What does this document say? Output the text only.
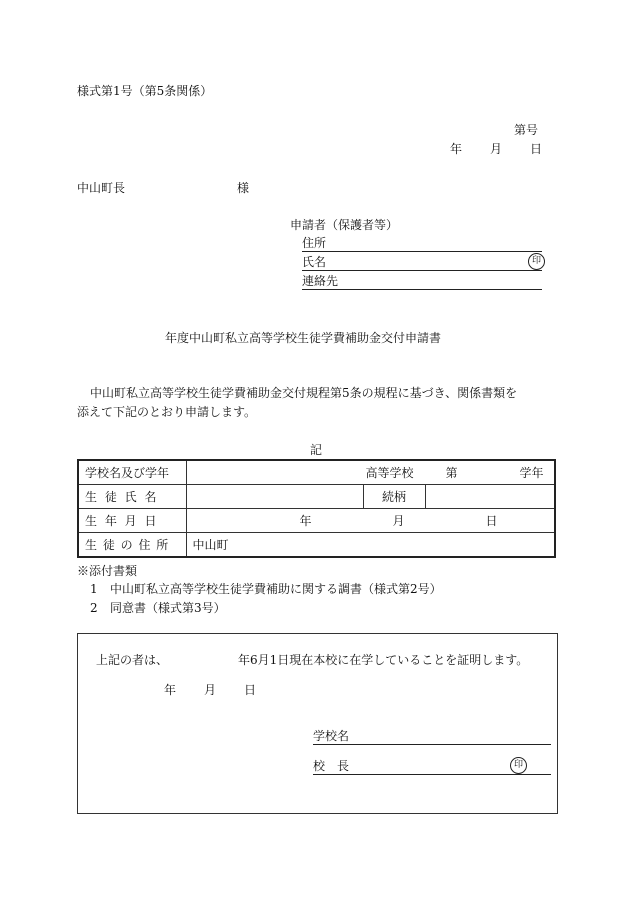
様式第1号（第5条関係）
第号
年 月 日
中山町長	様
申請者（保護者等）
住所
氏名	印
連絡先
年度中山町私立高等学校生徒学費補助金交付申請書
中山町私立高等学校生徒学費補助金交付規程第5条の規程に基づき、関係書類を
添えて下記のとおり申請します。
記
学校名及び学年	高等学校 第 学年		

生 徒 氏 名		続柄	
生 年 月 日	年 月 日		

生 徒 の 住 所	中山町		
※添付書類
1 中山町私立高等学校生徒学費補助に関する調書（様式第2号）
2 同意書（様式第3号）
上記の者は、	年6月1日現在本校に在学していることを証明します。
年 月 日
学校名
校　長	印
